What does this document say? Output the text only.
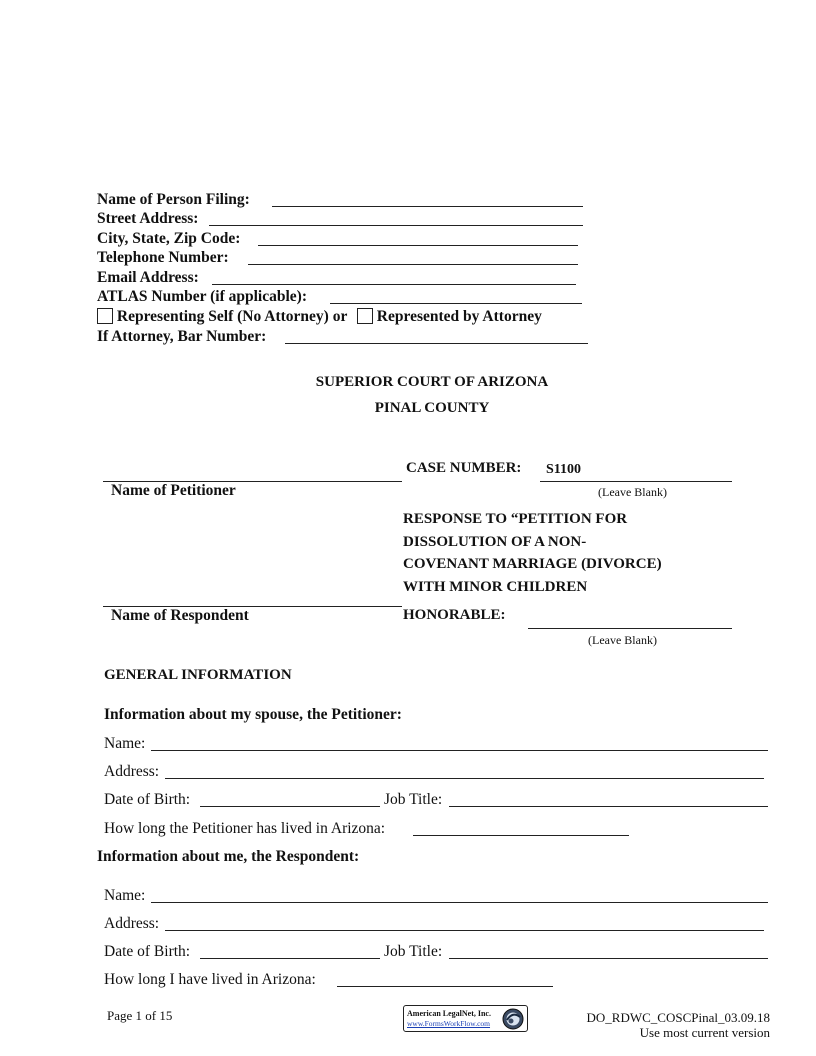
Name of Person Filing:
Street Address:
City, State, Zip Code:
Telephone Number:
Email Address:
ATLAS Number (if applicable):
Representing Self (No Attorney) or Represented by Attorney
If Attorney, Bar Number:
SUPERIOR COURT OF ARIZONA
PINAL COUNTY
Name of Petitioner
CASE NUMBER: S1100
(Leave Blank)
RESPONSE TO “PETITION FOR
DISSOLUTION OF A NON-
COVENANT MARRIAGE (DIVORCE)
WITH MINOR CHILDREN
Name of Respondent	HONORABLE:
(Leave Blank)
GENERAL INFORMATION
Information about my spouse, the Petitioner:
Name:
Address:
Date of Birth:	Job Title:
How long the Petitioner has lived in Arizona:
Information about me, the Respondent:
Name:
Address:
Date of Birth:	Job Title:
How long I have lived in Arizona:
Page 1 of 15	American LegalNet, Inc.
www.FormsWorkFlow.com	DO_RDWC_COSCPinal_03.09.18
Use most current version
